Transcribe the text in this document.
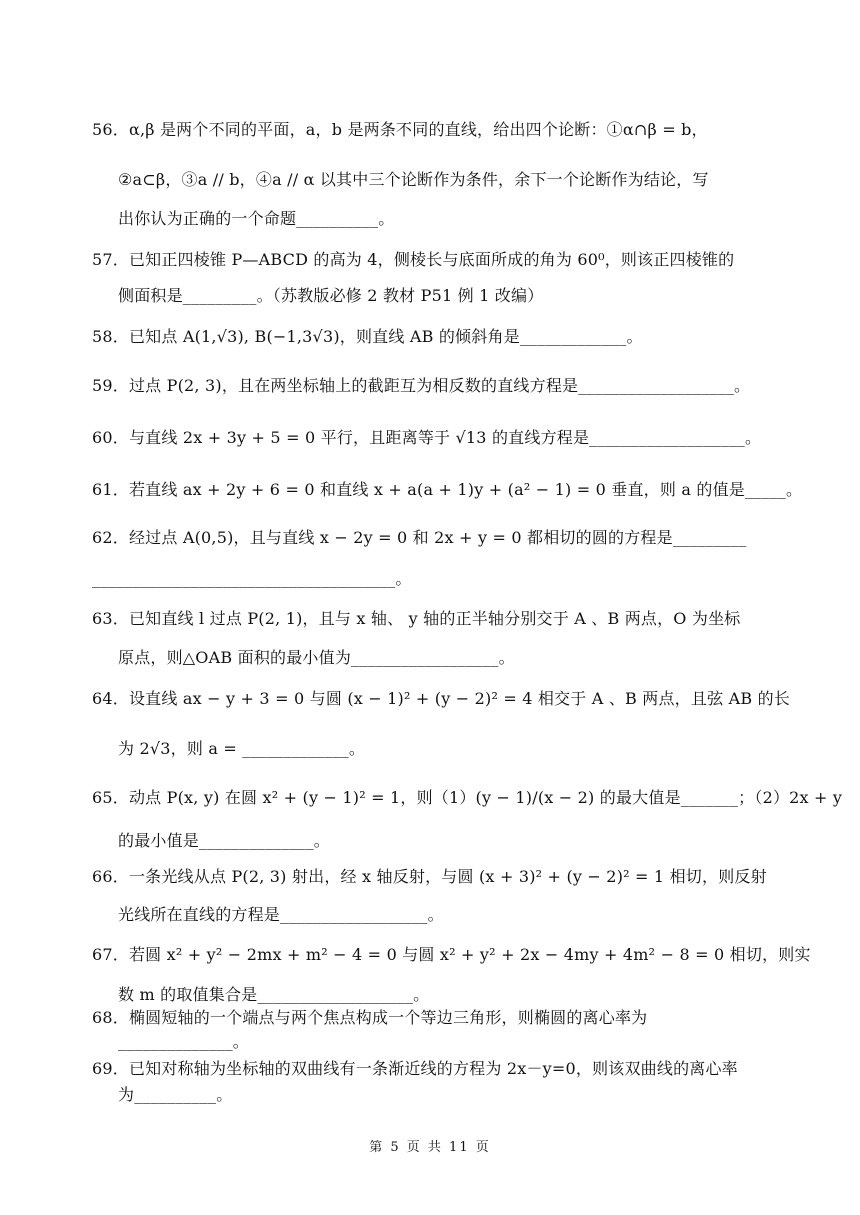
56．α,β 是两个不同的平面，a，b 是两条不同的直线，给出四个论断：①α∩β = b，
②a⊂β，③a // b，④a // α 以其中三个论断作为条件，余下一个论断作为结论，写
出你认为正确的一个命题__________。
57．已知正四棱锥 P—ABCD 的高为 4，侧棱长与底面所成的角为 60⁰，则该正四棱锥的
侧面积是_________。（苏教版必修 2 教材 P51 例 1 改编）
58．已知点 A(1,√3), B(−1,3√3)，则直线 AB 的倾斜角是_____________。
59．过点 P(2, 3)，且在两坐标轴上的截距互为相反数的直线方程是___________________。
60．与直线 2x + 3y + 5 = 0 平行，且距离等于 √13 的直线方程是___________________。
61．若直线 ax + 2y + 6 = 0 和直线 x + a(a + 1)y + (a² − 1) = 0 垂直，则 a 的值是_____。
62．经过点 A(0,5)，且与直线 x − 2y = 0 和 2x + y = 0 都相切的圆的方程是_________
_____________________________________。
63．已知直线 l 过点 P(2, 1)，且与 x 轴、 y 轴的正半轴分别交于 A 、B 两点，O 为坐标
原点，则△OAB 面积的最小值为__________________。
64．设直线 ax − y + 3 = 0 与圆 (x − 1)² + (y − 2)² = 4 相交于 A 、B 两点，且弦 AB 的长
为 2√3，则 a = _____________。
65．动点 P(x, y) 在圆 x² + (y − 1)² = 1，则（1）(y − 1)/(x − 2) 的最大值是_______；（2）2x + y
的最小值是______________。
66．一条光线从点 P(2, 3) 射出，经 x 轴反射，与圆 (x + 3)² + (y − 2)² = 1 相切，则反射
光线所在直线的方程是__________________。
67．若圆 x² + y² − 2mx + m² − 4 = 0 与圆 x² + y² + 2x − 4my + 4m² − 8 = 0 相切，则实
数 m 的取值集合是___________________。
68．椭圆短轴的一个端点与两个焦点构成一个等边三角形，则椭圆的离心率为
______________。
69．已知对称轴为坐标轴的双曲线有一条渐近线的方程为 2x－y=0，则该双曲线的离心率
为__________。
第 5 页 共 11 页
